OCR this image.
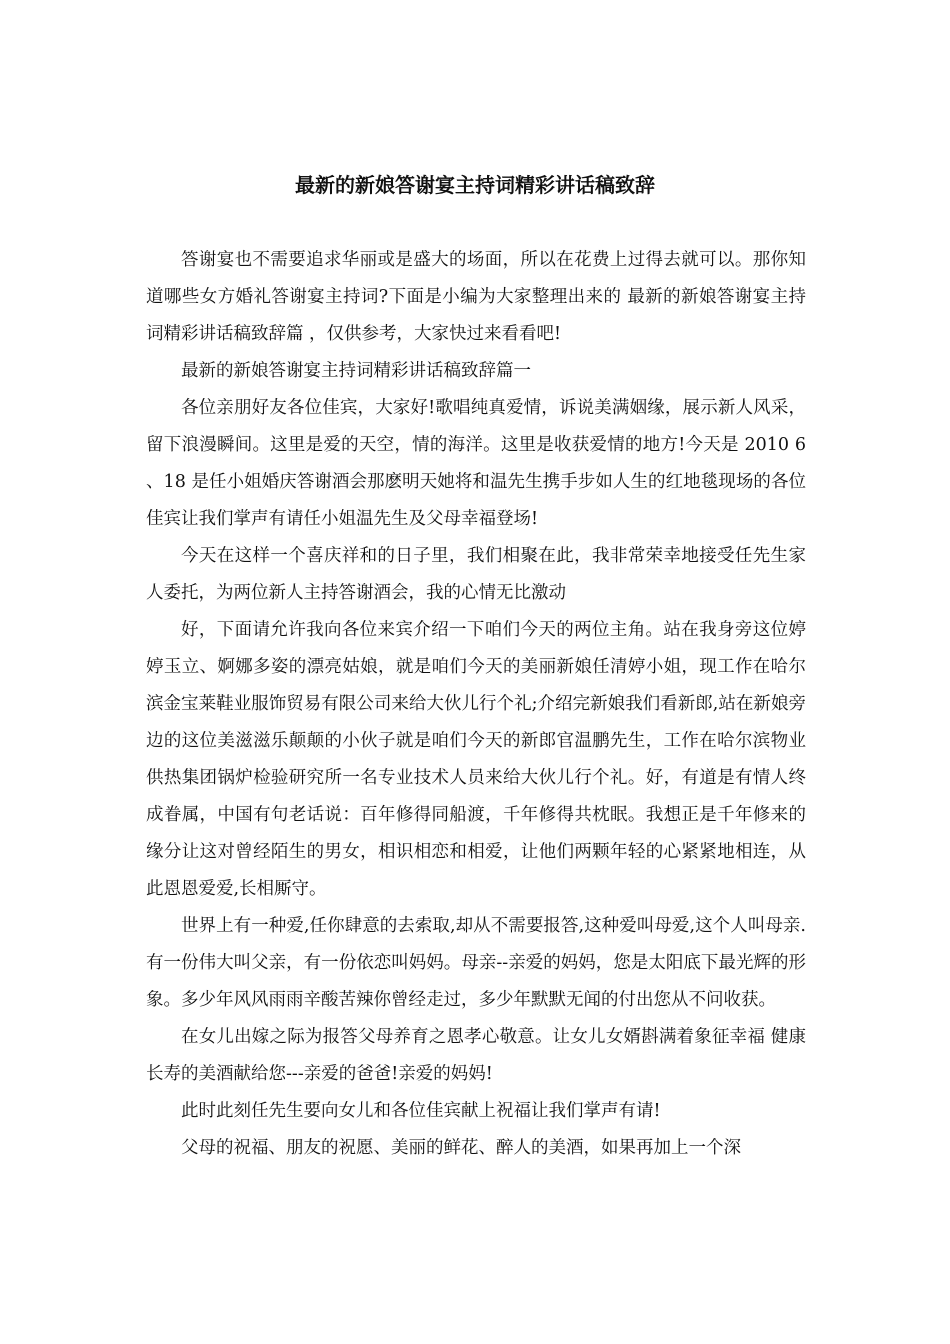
最新的新娘答谢宴主持词精彩讲话稿致辞

答谢宴也不需要追求华丽或是盛大的场面，所以在花费上过得去就可以。那你知道哪些女方婚礼答谢宴主持词?下面是小编为大家整理出来的 最新的新娘答谢宴主持词精彩讲话稿致辞篇 ，仅供参考，大家快过来看看吧!

最新的新娘答谢宴主持词精彩讲话稿致辞篇一

各位亲朋好友各位佳宾，大家好!歌唱纯真爱情，诉说美满姻缘，展示新人风采，留下浪漫瞬间。这里是爱的天空，情的海洋。这里是收获爱情的地方!今天是 2010 6 、18 是任小姐婚庆答谢酒会那麽明天她将和温先生携手步如人生的红地毯现场的各位佳宾让我们掌声有请任小姐温先生及父母幸福登场!

今天在这样一个喜庆祥和的日子里，我们相聚在此，我非常荣幸地接受任先生家人委托，为两位新人主持答谢酒会，我的心情无比激动

好，下面请允许我向各位来宾介绍一下咱们今天的两位主角。站在我身旁这位婷婷玉立、婀娜多姿的漂亮姑娘，就是咱们今天的美丽新娘任清婷小姐，现工作在哈尔滨金宝莱鞋业服饰贸易有限公司来给大伙儿行个礼;介绍完新娘我们看新郎,站在新娘旁边的这位美滋滋乐颠颠的小伙子就是咱们今天的新郎官温鹏先生，工作在哈尔滨物业供热集团锅炉检验研究所一名专业技术人员来给大伙儿行个礼。好，有道是有情人终成眷属，中国有句老话说：百年修得同船渡，千年修得共枕眠。我想正是千年修来的缘分让这对曾经陌生的男女，相识相恋和相爱，让他们两颗年轻的心紧紧地相连，从此恩恩爱爱,长相厮守。

世界上有一种爱,任你肆意的去索取,却从不需要报答,这种爱叫母爱,这个人叫母亲. 有一份伟大叫父亲，有一份依恋叫妈妈。母亲--亲爱的妈妈，您是太阳底下最光辉的形象。多少年风风雨雨辛酸苦辣你曾经走过，多少年默默无闻的付出您从不问收获。

在女儿出嫁之际为报答父母养育之恩孝心敬意。让女儿女婿斟满着象征幸福 健康 长寿的美酒献给您---亲爱的爸爸!亲爱的妈妈!

此时此刻任先生要向女儿和各位佳宾献上祝福让我们掌声有请!

父母的祝福、朋友的祝愿、美丽的鲜花、醉人的美酒，如果再加上一个深
